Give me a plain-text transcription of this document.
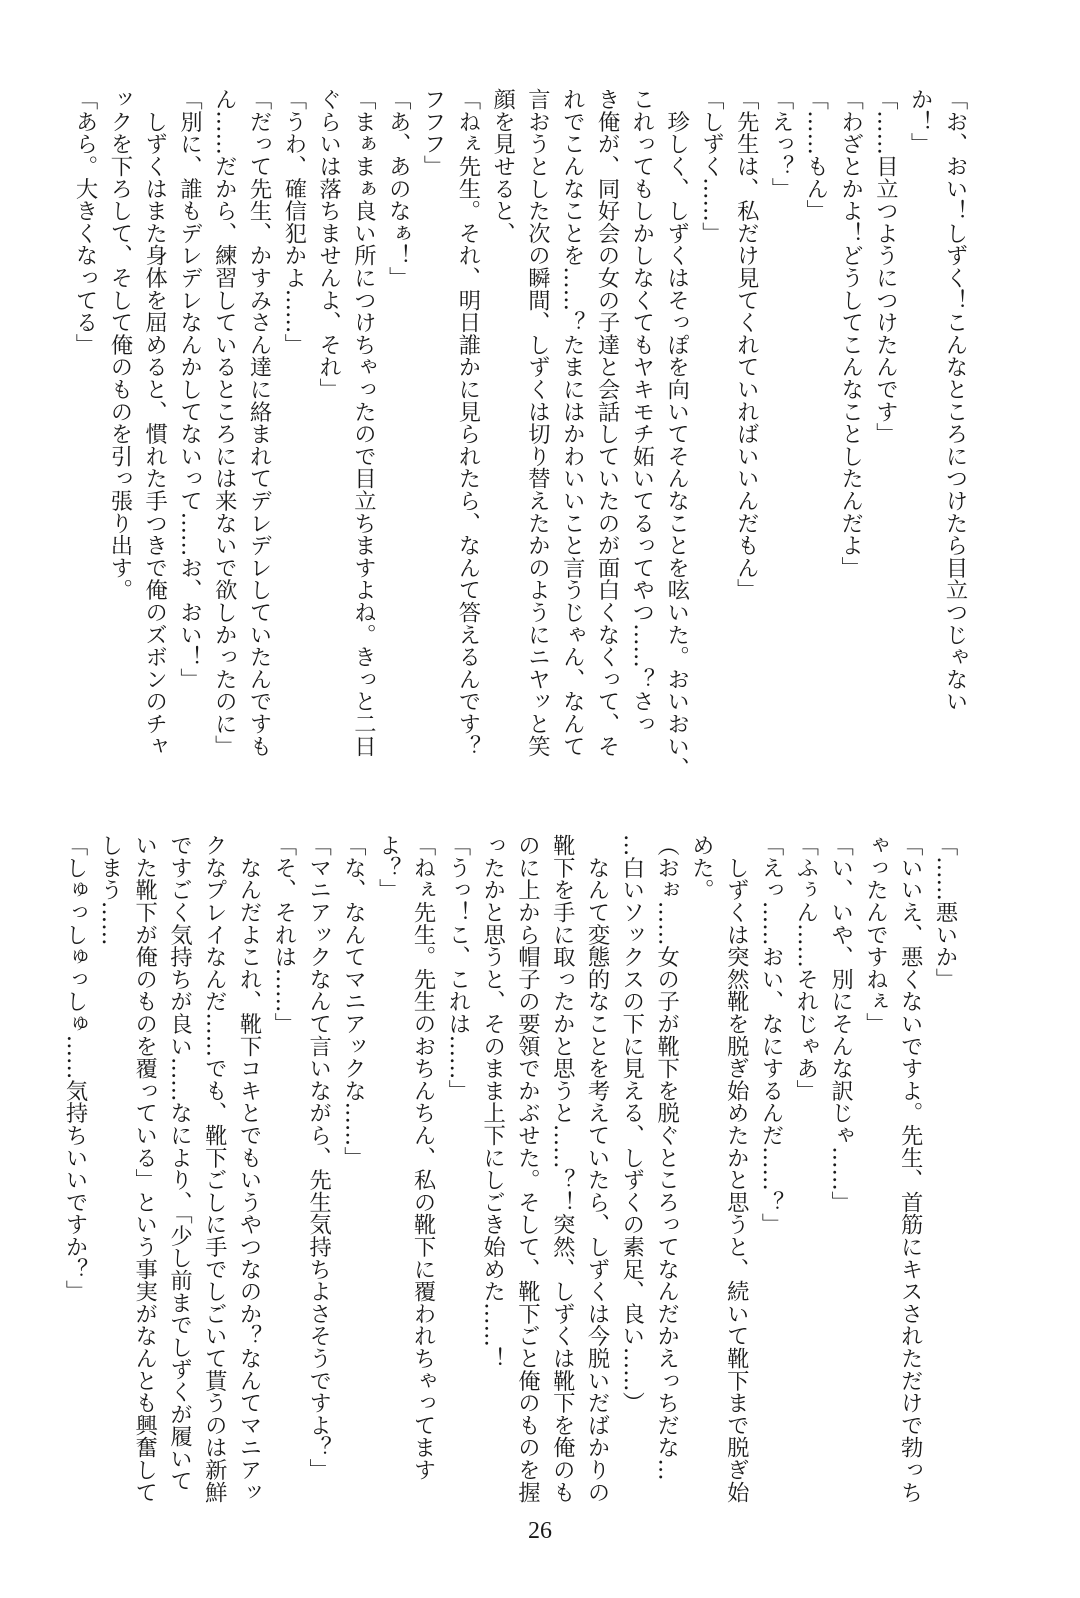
「お、おい！しずく！こんなところにつけたら目立つじゃない
か！」
「……目立つようにつけたんです」
「わざとかよ！どうしてこんなことしたんだよ」
「……もん」
「えっ？」
「先生は、私だけ見てくれていればいいんだもん」
「しずく……」
　珍しく、しずくはそっぽを向いてそんなことを呟いた。おいおい、
これってもしかしなくてもヤキモチ妬いてるってやつ……？さっ
き俺が、同好会の女の子達と会話していたのが面白くなくって、そ
れでこんなことを……？たまにはかわいいこと言うじゃん、なんて
言おうとした次の瞬間、しずくは切り替えたかのようにニヤッと笑
顔を見せると、
「ねぇ先生。それ、明日誰かに見られたら、なんて答えるんです？
フフフ」
「あ、あのなぁ！」
「まぁまぁ良い所につけちゃったので目立ちますよね。きっと二日
ぐらいは落ちませんよ、それ」
「うわ、確信犯かよ……」
「だって先生、かすみさん達に絡まれてデレデレしていたんですも
ん……だから、練習しているところには来ないで欲しかったのに」
「別に、誰もデレデレなんかしてないって……お、おい！」
　しずくはまた身体を屈めると、慣れた手つきで俺のズボンのチャ
ックを下ろして、そして俺のものを引っ張り出す。
「あら。大きくなってる」
「……悪いか」
「いいえ、悪くないですよ。先生、首筋にキスされただけで勃っち
ゃったんですねぇ」
「い、いや、別にそんな訳じゃ……」
「ふぅん……それじゃあ」
「えっ……おい、なにするんだ……？」
　しずくは突然靴を脱ぎ始めたかと思うと、続いて靴下まで脱ぎ始
めた。
（おぉ……女の子が靴下を脱ぐところってなんだかえっちだな…
…白いソックスの下に見える、しずくの素足、良い……）
　なんて変態的なことを考えていたら、しずくは今脱いだばかりの
靴下を手に取ったかと思うと……？！突然、しずくは靴下を俺のも
のに上から帽子の要領でかぶせた。そして、靴下ごと俺のものを握
ったかと思うと、そのまま上下にしごき始めた……！
「うっ！こ、これは……」
「ねぇ先生。先生のおちんちん、私の靴下に覆われちゃってます
よ？」
「な、なんてマニアックな……」
「マニアックなんて言いながら、先生気持ちよさそうですよ？」
「そ、それは……」
　なんだよこれ、靴下コキとでもいうやつなのか？なんてマニアッ
クなプレイなんだ……でも、靴下ごしに手でしごいて貰うのは新鮮
ですごく気持ちが良い……なにより、「少し前までしずくが履いて
いた靴下が俺のものを覆っている」という事実がなんとも興奮して
しまう……
「しゅっしゅっしゅ……気持ちいいですか？」
26
